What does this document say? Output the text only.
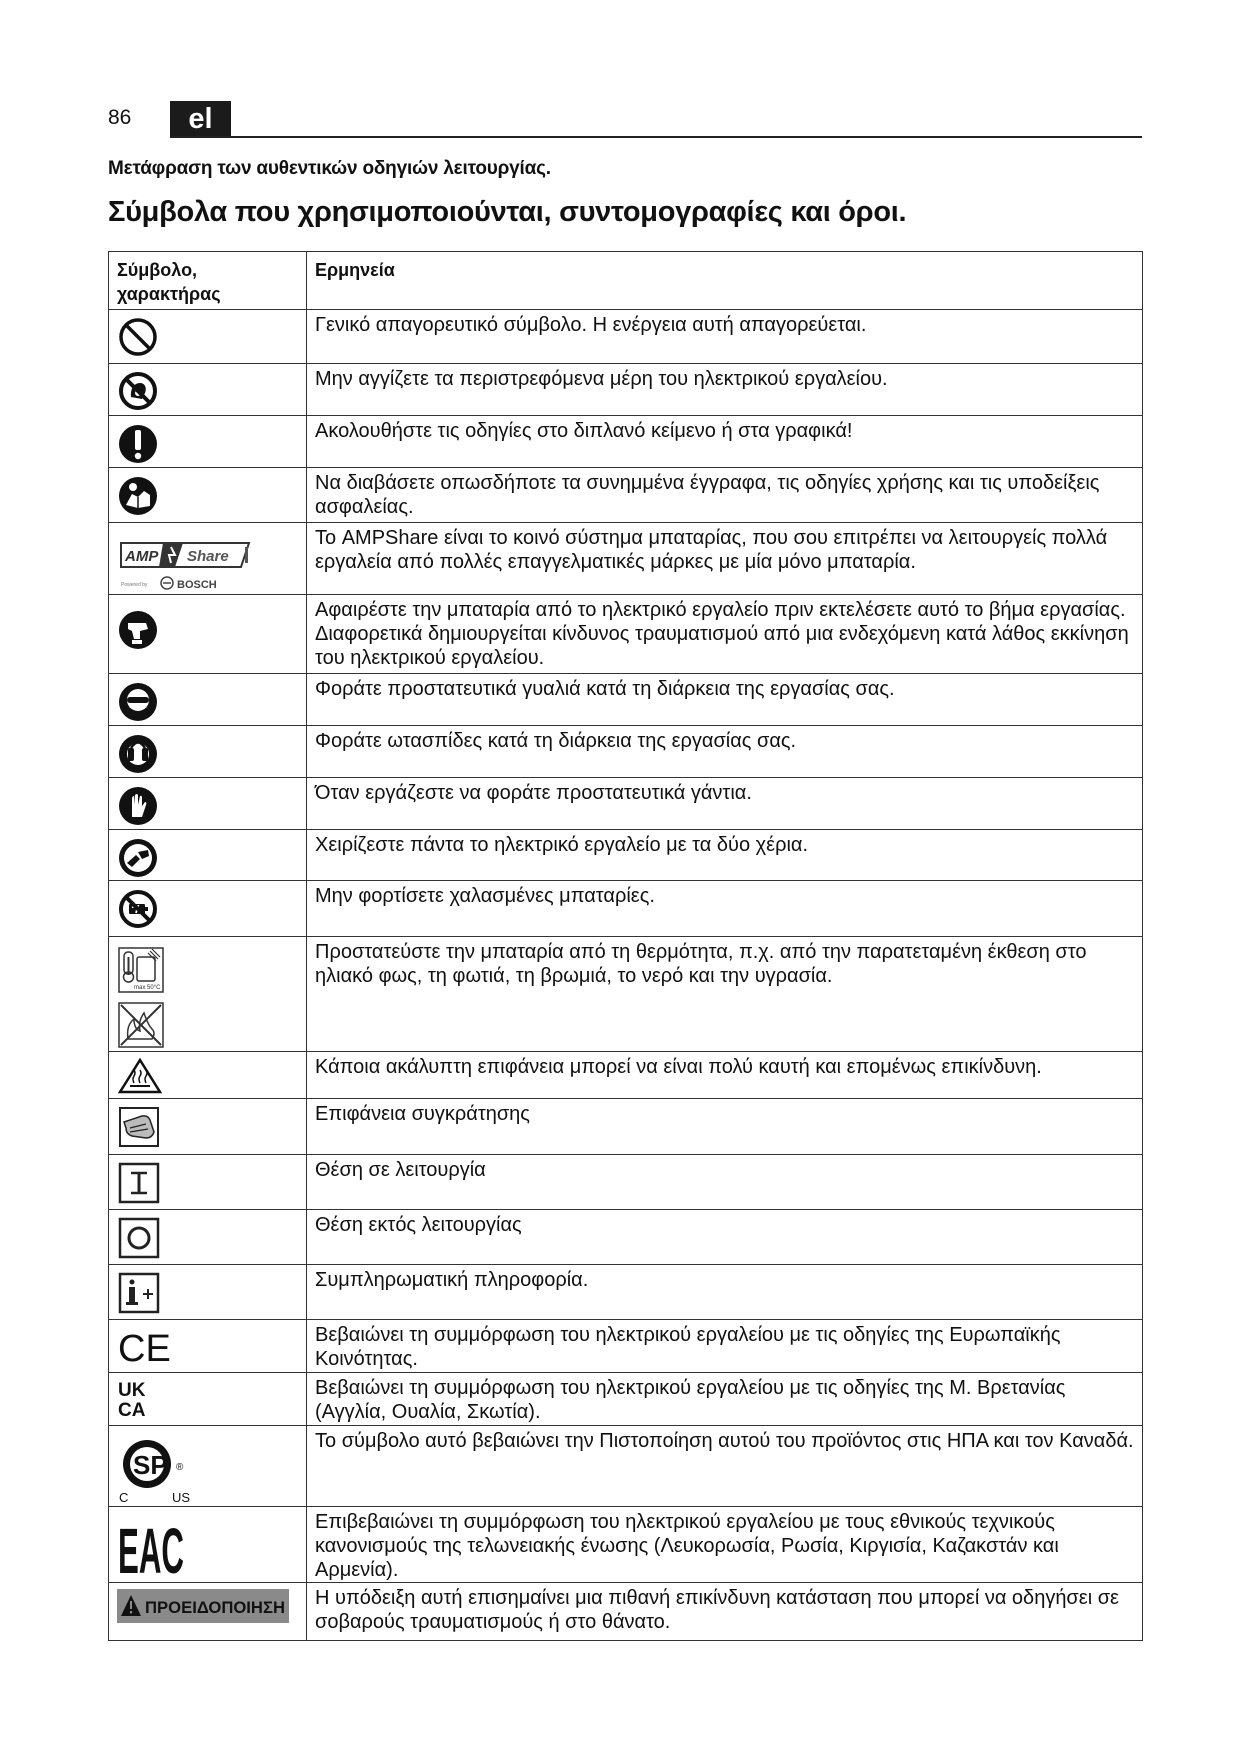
86	el
Μετάφραση των αυθεντικών οδηγιών λειτουργίας.
Σύμβολα που χρησιμοποιούνται, συντομογραφίες και όροι.
Σύμβολο, χαρακτήρας	Ερμηνεία

	Γενικό απαγορευτικό σύμβολο. Η ενέργεια αυτή απαγορεύεται.

	Μην αγγίζετε τα περιστρεφόμενα μέρη του ηλεκτρικού εργαλείου.

	Ακολουθήστε τις οδηγίες στο διπλανό κείμενο ή στα γραφικά!

	Να διαβάσετε οπωσδήποτε τα συνημμένα έγγραφα, τις οδηγίες χρήσης και τις υποδείξεις ασφαλείας.

AMP Share
Powered by BOSCH	Το AMPShare είναι το κοινό σύστημα μπαταρίας, που σου επιτρέπει να λειτουργείς πολλά εργαλεία από πολλές επαγγελματικές μάρκες με μία μόνο μπαταρία.

	Αφαιρέστε την μπαταρία από το ηλεκτρικό εργαλείο πριν εκτελέσετε αυτό το βήμα εργασίας. Διαφορετικά δημιουργείται κίνδυνος τραυματισμού από μια ενδεχόμενη κατά λάθος εκκίνηση του ηλεκτρικού εργαλείου.

	Φοράτε προστατευτικά γυαλιά κατά τη διάρκεια της εργασίας σας.

	Φοράτε ωτασπίδες κατά τη διάρκεια της εργασίας σας.

	Όταν εργάζεστε να φοράτε προστατευτικά γάντια.

	Χειρίζεστε πάντα το ηλεκτρικό εργαλείο με τα δύο χέρια.

	Μην φορτίσετε χαλασμένες μπαταρίες.

max 50°C	Προστατεύστε την μπαταρία από τη θερμότητα, π.χ. από την παρατεταμένη έκθεση στο ηλιακό φως, τη φωτιά, τη βρωμιά, το νερό και την υγρασία.

	Κάποια ακάλυπτη επιφάνεια μπορεί να είναι πολύ καυτή και επομένως επικίνδυνη.

	Επιφάνεια συγκράτησης

	Θέση σε λειτουργία

	Θέση εκτός λειτουργίας

	Συμπληρωματική πληροφορία.

CE	Βεβαιώνει τη συμμόρφωση του ηλεκτρικού εργαλείου με τις οδηγίες της Ευρωπαϊκής Κοινότητας.

UK
CA	Βεβαιώνει τη συμμόρφωση του ηλεκτρικού εργαλείου με τις οδηγίες της Μ. Βρετανίας (Αγγλία, Ουαλία, Σκωτία).

SP ®
C US	Το σύμβολο αυτό βεβαιώνει την Πιστοποίηση αυτού του προϊόντος στις ΗΠΑ και τον Καναδά.

EAC	Επιβεβαιώνει τη συμμόρφωση του ηλεκτρικού εργαλείου με τους εθνικούς τεχνικούς κανονισμούς της τελωνειακής ένωσης (Λευκορωσία, Ρωσία, Κιργισία, Καζακστάν και Αρμενία).

ΠΡΟΕΙΔΟΠΟΙΗΣΗ	Η υπόδειξη αυτή επισημαίνει μια πιθανή επικίνδυνη κατάσταση που μπορεί να οδηγήσει σε σοβαρούς τραυματισμούς ή στο θάνατο.
